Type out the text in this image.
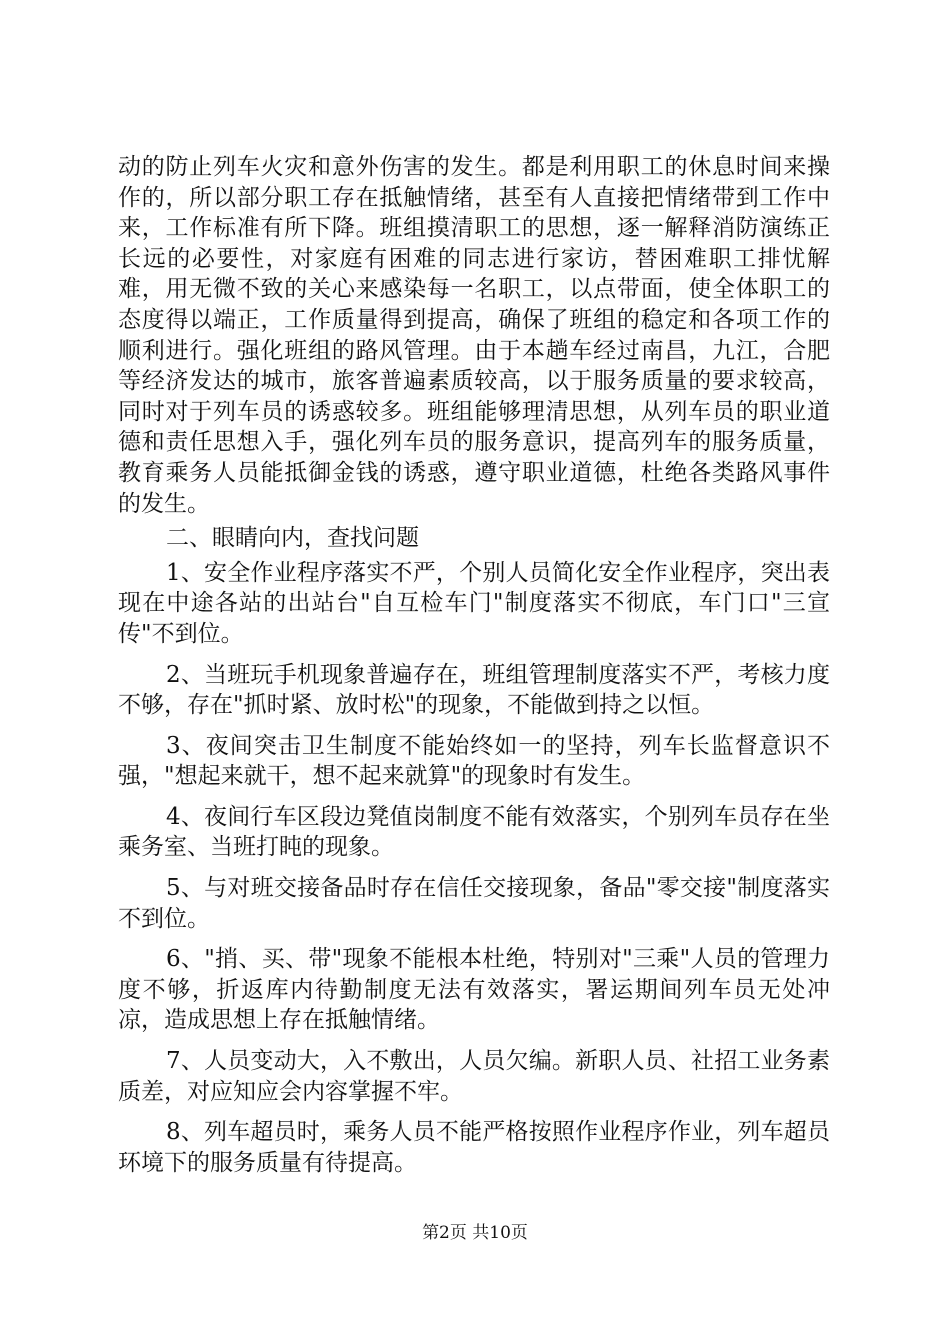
动的防止列车火灾和意外伤害的发生。都是利用职工的休息时间来操作的，所以部分职工存在抵触情绪，甚至有人直接把情绪带到工作中来，工作标准有所下降。班组摸清职工的思想，逐一解释消防演练正长远的必要性，对家庭有困难的同志进行家访，替困难职工排忧解难，用无微不致的关心来感染每一名职工，以点带面，使全体职工的态度得以端正，工作质量得到提高，确保了班组的稳定和各项工作的顺利进行。强化班组的路风管理。由于本趟车经过南昌，九江，合肥等经济发达的城市，旅客普遍素质较高，以于服务质量的要求较高，同时对于列车员的诱惑较多。班组能够理清思想，从列车员的职业道德和责任思想入手，强化列车员的服务意识，提高列车的服务质量，教育乘务人员能抵御金钱的诱惑，遵守职业道德，杜绝各类路风事件的发生。

二、眼睛向内，查找问题

1、安全作业程序落实不严，个别人员简化安全作业程序，突出表现在中途各站的出站台"自互检车门"制度落实不彻底，车门口"三宣传"不到位。

2、当班玩手机现象普遍存在，班组管理制度落实不严，考核力度不够，存在"抓时紧、放时松"的现象，不能做到持之以恒。

3、夜间突击卫生制度不能始终如一的坚持，列车长监督意识不强，"想起来就干，想不起来就算"的现象时有发生。

4、夜间行车区段边凳值岗制度不能有效落实，个别列车员存在坐乘务室、当班打盹的现象。

5、与对班交接备品时存在信任交接现象，备品"零交接"制度落实不到位。

6、"捎、买、带"现象不能根本杜绝，特别对"三乘"人员的管理力度不够，折返库内待勤制度无法有效落实，署运期间列车员无处冲凉，造成思想上存在抵触情绪。

7、人员变动大，入不敷出，人员欠编。新职人员、社招工业务素质差，对应知应会内容掌握不牢。

8、列车超员时，乘务人员不能严格按照作业程序作业，列车超员环境下的服务质量有待提高。

第2页 共10页
